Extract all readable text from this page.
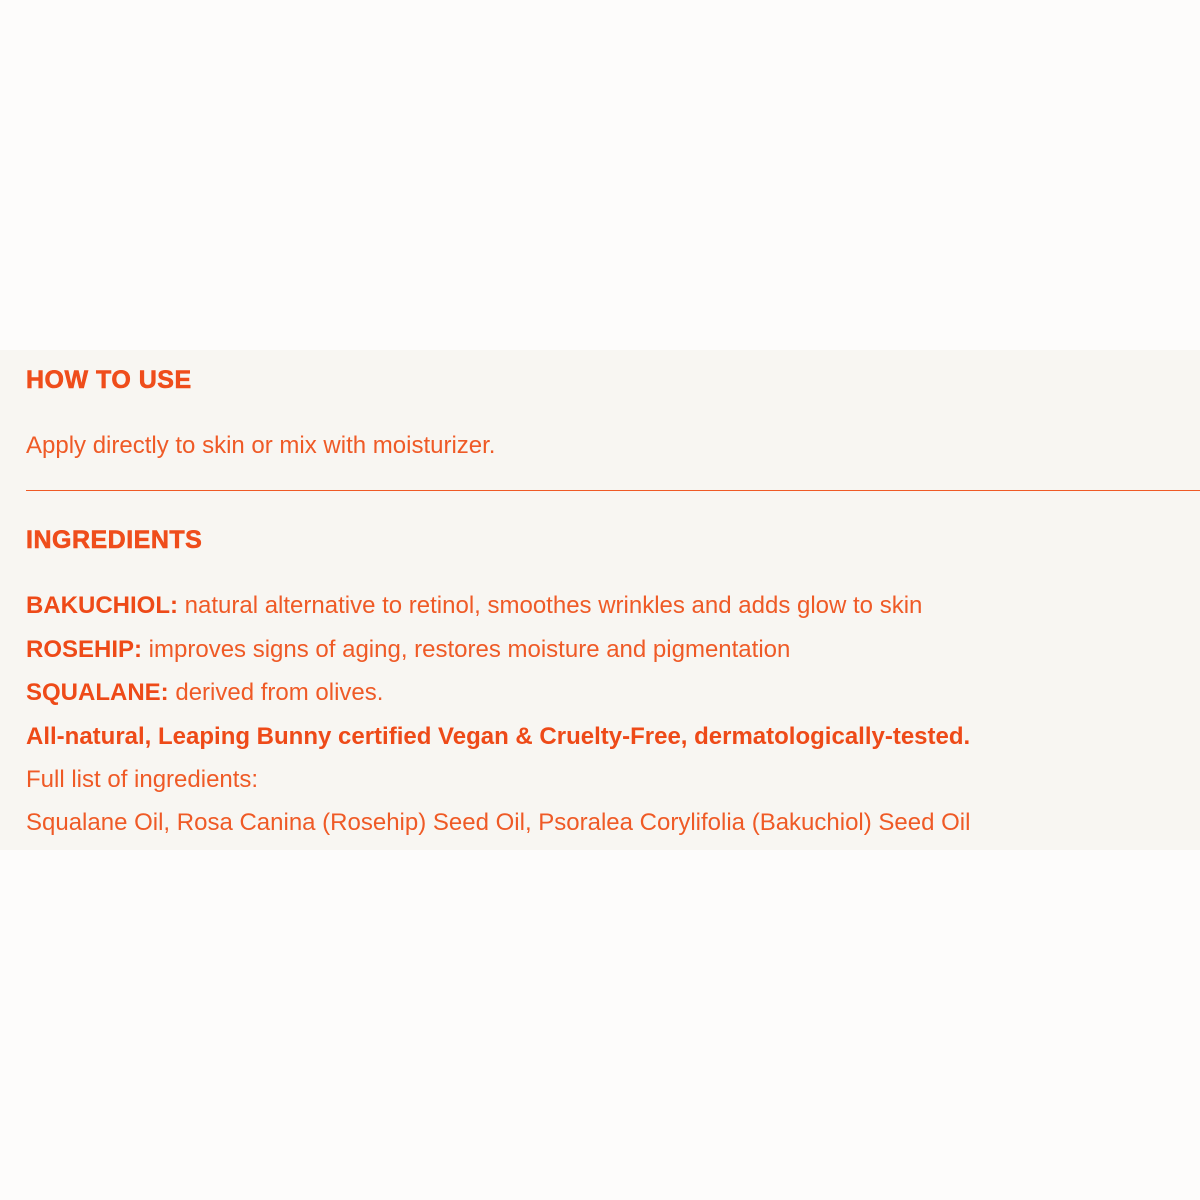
HOW TO USE

Apply directly to skin or mix with moisturizer.

INGREDIENTS

BAKUCHIOL: natural alternative to retinol, smoothes wrinkles and adds glow to skin

ROSEHIP: improves signs of aging, restores moisture and pigmentation

SQUALANE: derived from olives.

All-natural, Leaping Bunny certified Vegan & Cruelty-Free, dermatologically-tested.

Full list of ingredients:

Squalane Oil, Rosa Canina (Rosehip) Seed Oil, Psoralea Corylifolia (Bakuchiol) Seed Oil
